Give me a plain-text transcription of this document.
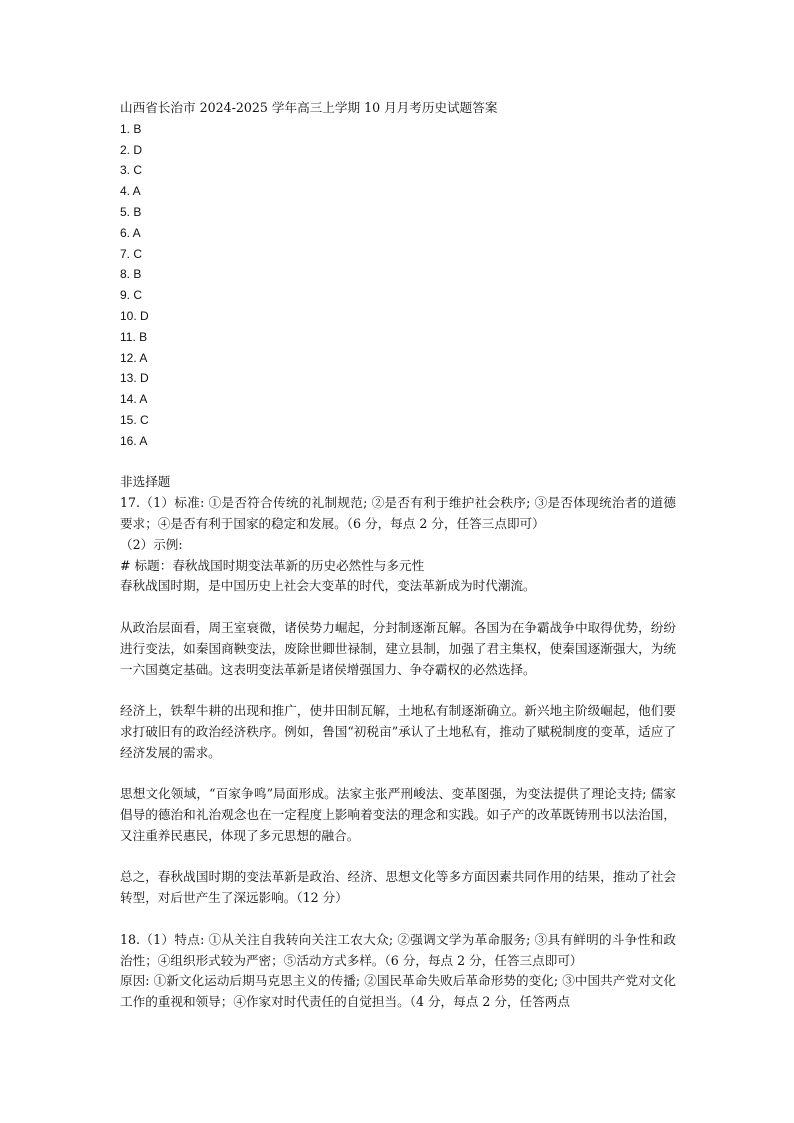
山西省长治市 2024-2025 学年高三上学期 10 月月考历史试题答案
1. B
2. D
3. C
4. A
5. B
6. A
7. C
8. B
9. C
10. D
11. B
12. A
13. D
14. A
15. C
16. A
非选择题
17.（1）标准: ①是否符合传统的礼制规范; ②是否有利于维护社会秩序; ③是否体现统治者的道德要求；④是否有利于国家的稳定和发展。（6 分，每点 2 分，任答三点即可）
（2）示例:
# 标题：春秋战国时期变法革新的历史必然性与多元性
春秋战国时期，是中国历史上社会大变革的时代，变法革新成为时代潮流。
从政治层面看，周王室衰微，诸侯势力崛起，分封制逐渐瓦解。各国为在争霸战争中取得优势，纷纷进行变法，如秦国商鞅变法，废除世卿世禄制，建立县制，加强了君主集权，使秦国逐渐强大，为统一六国奠定基础。这表明变法革新是诸侯增强国力、争夺霸权的必然选择。
经济上，铁犁牛耕的出现和推广，使井田制瓦解，土地私有制逐渐确立。新兴地主阶级崛起，他们要求打破旧有的政治经济秩序。例如，鲁国“初税亩”承认了土地私有，推动了赋税制度的变革，适应了经济发展的需求。
思想文化领域，“百家争鸣”局面形成。法家主张严刑峻法、变革图强，为变法提供了理论支持; 儒家倡导的德治和礼治观念也在一定程度上影响着变法的理念和实践。如子产的改革既铸刑书以法治国，又注重养民惠民，体现了多元思想的融合。
总之，春秋战国时期的变法革新是政治、经济、思想文化等多方面因素共同作用的结果，推动了社会转型，对后世产生了深远影响。（12 分）
18.（1）特点: ①从关注自我转向关注工农大众; ②强调文学为革命服务; ③具有鲜明的斗争性和政治性；④组织形式较为严密；⑤活动方式多样。（6 分，每点 2 分，任答三点即可）
原因: ①新文化运动后期马克思主义的传播; ②国民革命失败后革命形势的变化; ③中国共产党对文化工作的重视和领导；④作家对时代责任的自觉担当。（4 分，每点 2 分，任答两点
